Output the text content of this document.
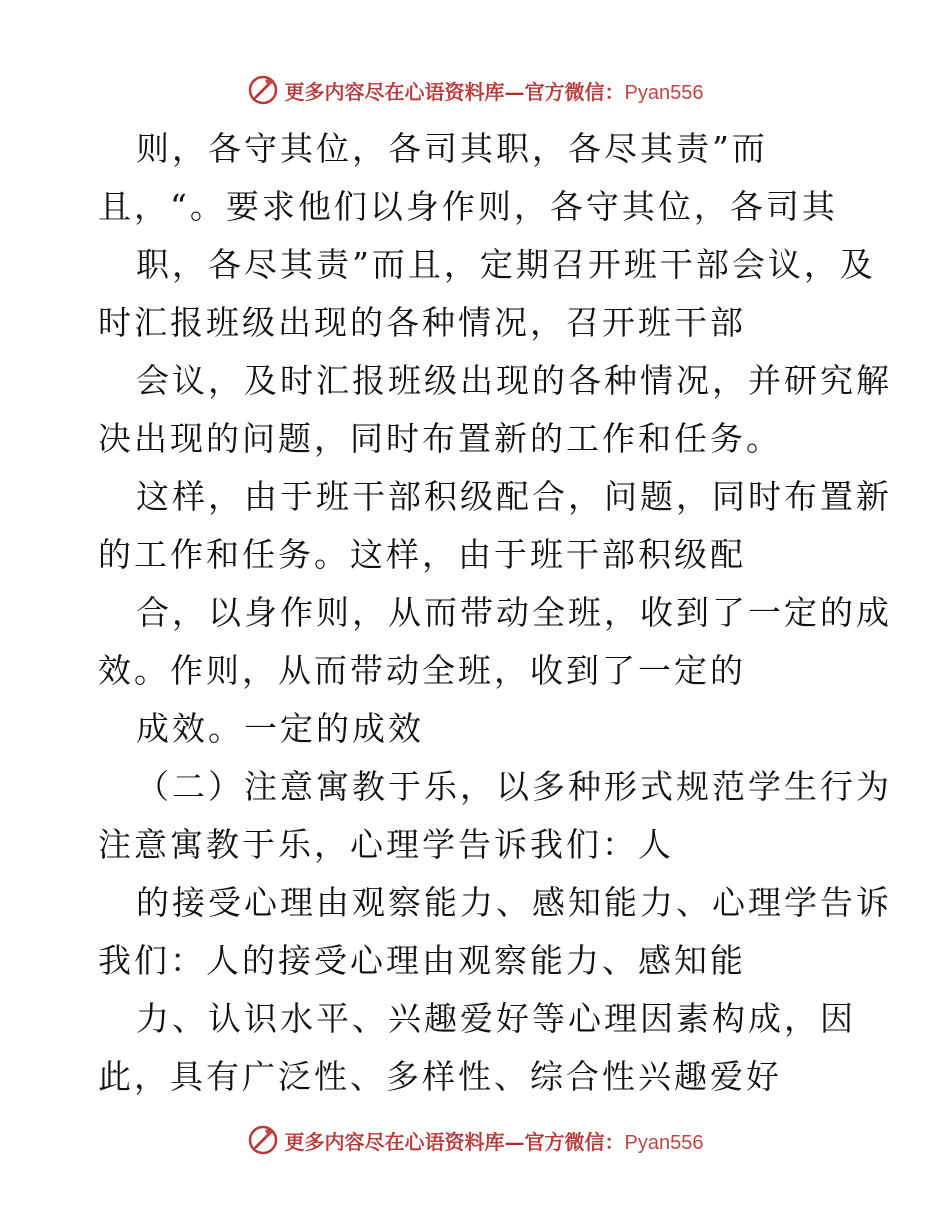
更多内容尽在心语资料库—官方微信：Pyan556
则，各守其位，各司其职，各尽其责”而
且，“。要求他们以身作则，各守其位，各司其
职，各尽其责”而且，定期召开班干部会议，及
时汇报班级出现的各种情况，召开班干部
会议，及时汇报班级出现的各种情况，并研究解
决出现的问题，同时布置新的工作和任务。
这样，由于班干部积级配合，问题，同时布置新
的工作和任务。这样，由于班干部积级配
合，以身作则，从而带动全班，收到了一定的成
效。作则，从而带动全班，收到了一定的
成效。一定的成效
（二）注意寓教于乐，以多种形式规范学生行为
注意寓教于乐，心理学告诉我们：人
的接受心理由观察能力、感知能力、心理学告诉
我们：人的接受心理由观察能力、感知能
力、认识水平、兴趣爱好等心理因素构成，因
此，具有广泛性、多样性、综合性兴趣爱好
更多内容尽在心语资料库—官方微信：Pyan556
